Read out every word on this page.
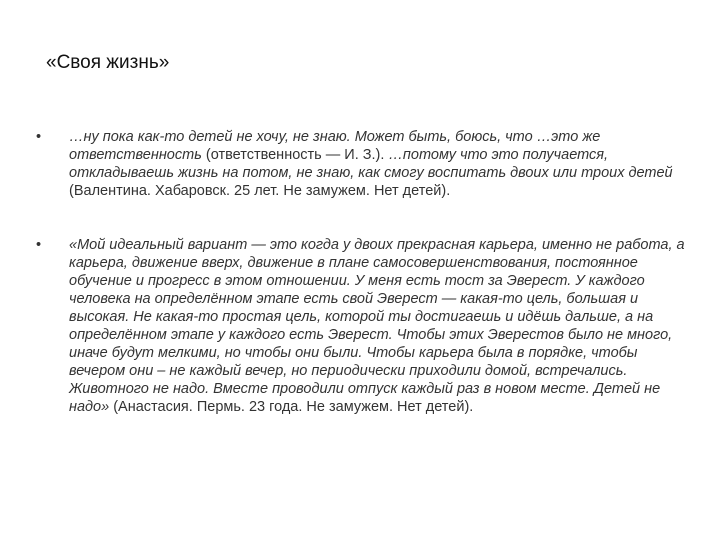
«Своя жизнь»
•	…ну пока как-то детей не хочу, не знаю. Может быть, боюсь, что …это же ответственность (ответственность — И. З.). …потому что это получается, откладываешь жизнь на потом, не знаю, как смогу воспитать двоих или троих детей (Валентина. Хабаровск. 25 лет. Не замужем. Нет детей).
•	«Мой идеальный вариант — это когда у двоих прекрасная карьера, именно не работа, а карьера, движение вверх, движение в плане самосовершенствования, постоянное обучение и прогресс в этом отношении. У меня есть тост за Эверест. У каждого человека на определённом этапе есть свой Эверест — какая-то цель, большая и высокая. Не какая-то простая цель, которой ты достигаешь и идёшь дальше, а на определённом этапе у каждого есть Эверест. Чтобы этих Эверестов было не много, иначе будут мелкими, но чтобы они были. Чтобы карьера была в порядке, чтобы вечером они – не каждый вечер, но периодически приходили домой, встречались. Животного не надо. Вместе проводили отпуск каждый раз в новом месте. Детей не надо» (Анастасия. Пермь. 23 года. Не замужем. Нет детей).
